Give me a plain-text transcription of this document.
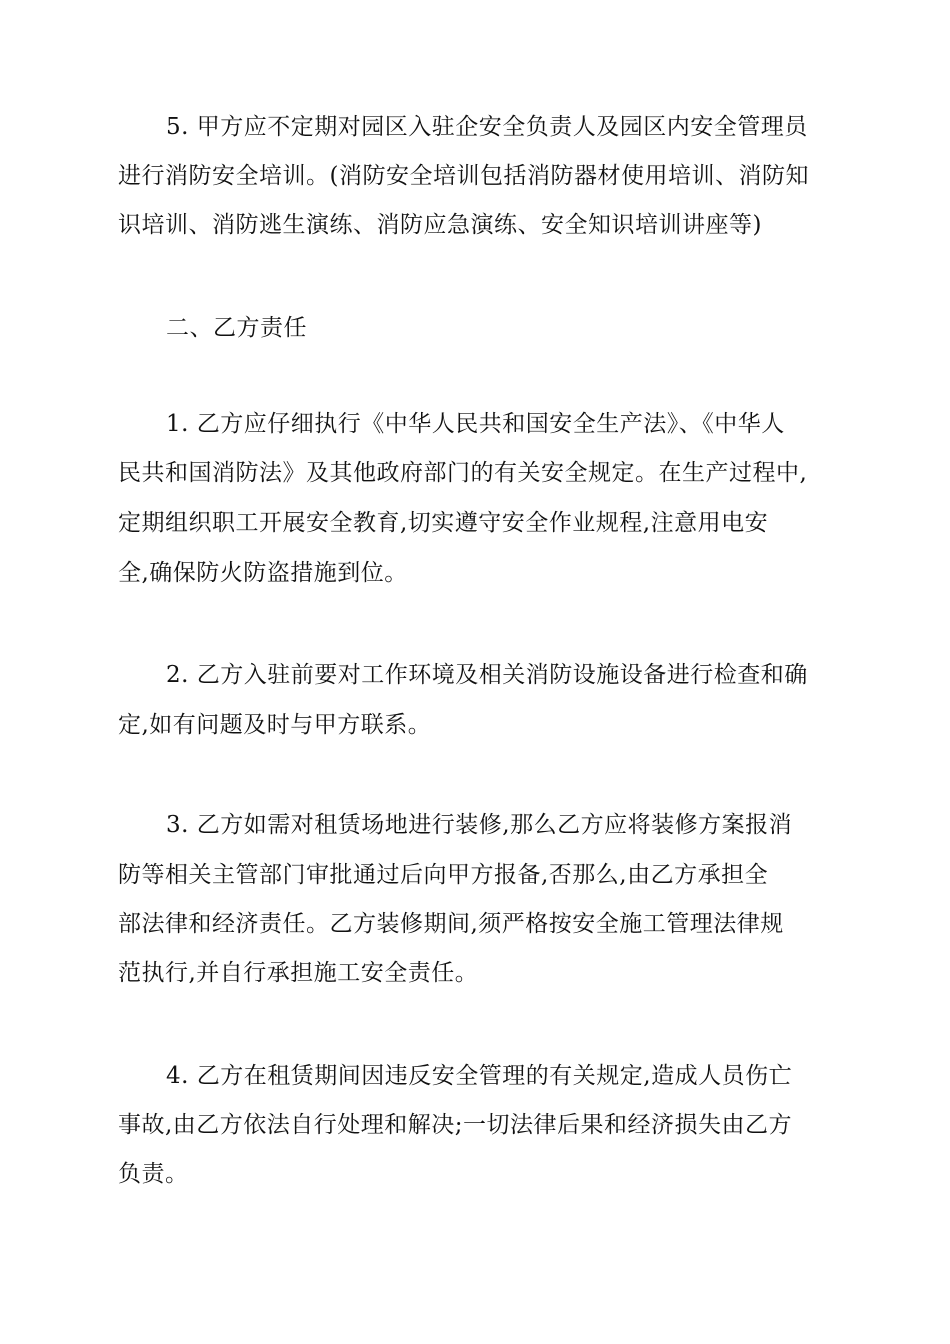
5. 甲方应不定期对园区入驻企安全负责人及园区内安全管理员
进行消防安全培训。(消防安全培训包括消防器材使用培训、消防知
识培训、消防逃生演练、消防应急演练、安全知识培训讲座等)
二、乙方责任
1. 乙方应仔细执行《中华人民共和国安全生产法》、《中华人
民共和国消防法》及其他政府部门的有关安全规定。在生产过程中,
定期组织职工开展安全教育,切实遵守安全作业规程,注意用电安
全,确保防火防盗措施到位。
2. 乙方入驻前要对工作环境及相关消防设施设备进行检查和确
定,如有问题及时与甲方联系。
3. 乙方如需对租赁场地进行装修,那么乙方应将装修方案报消
防等相关主管部门审批通过后向甲方报备,否那么,由乙方承担全
部法律和经济责任。乙方装修期间,须严格按安全施工管理法律规
范执行,并自行承担施工安全责任。
4. 乙方在租赁期间因违反安全管理的有关规定,造成人员伤亡
事故,由乙方依法自行处理和解决;一切法律后果和经济损失由乙方
负责。
